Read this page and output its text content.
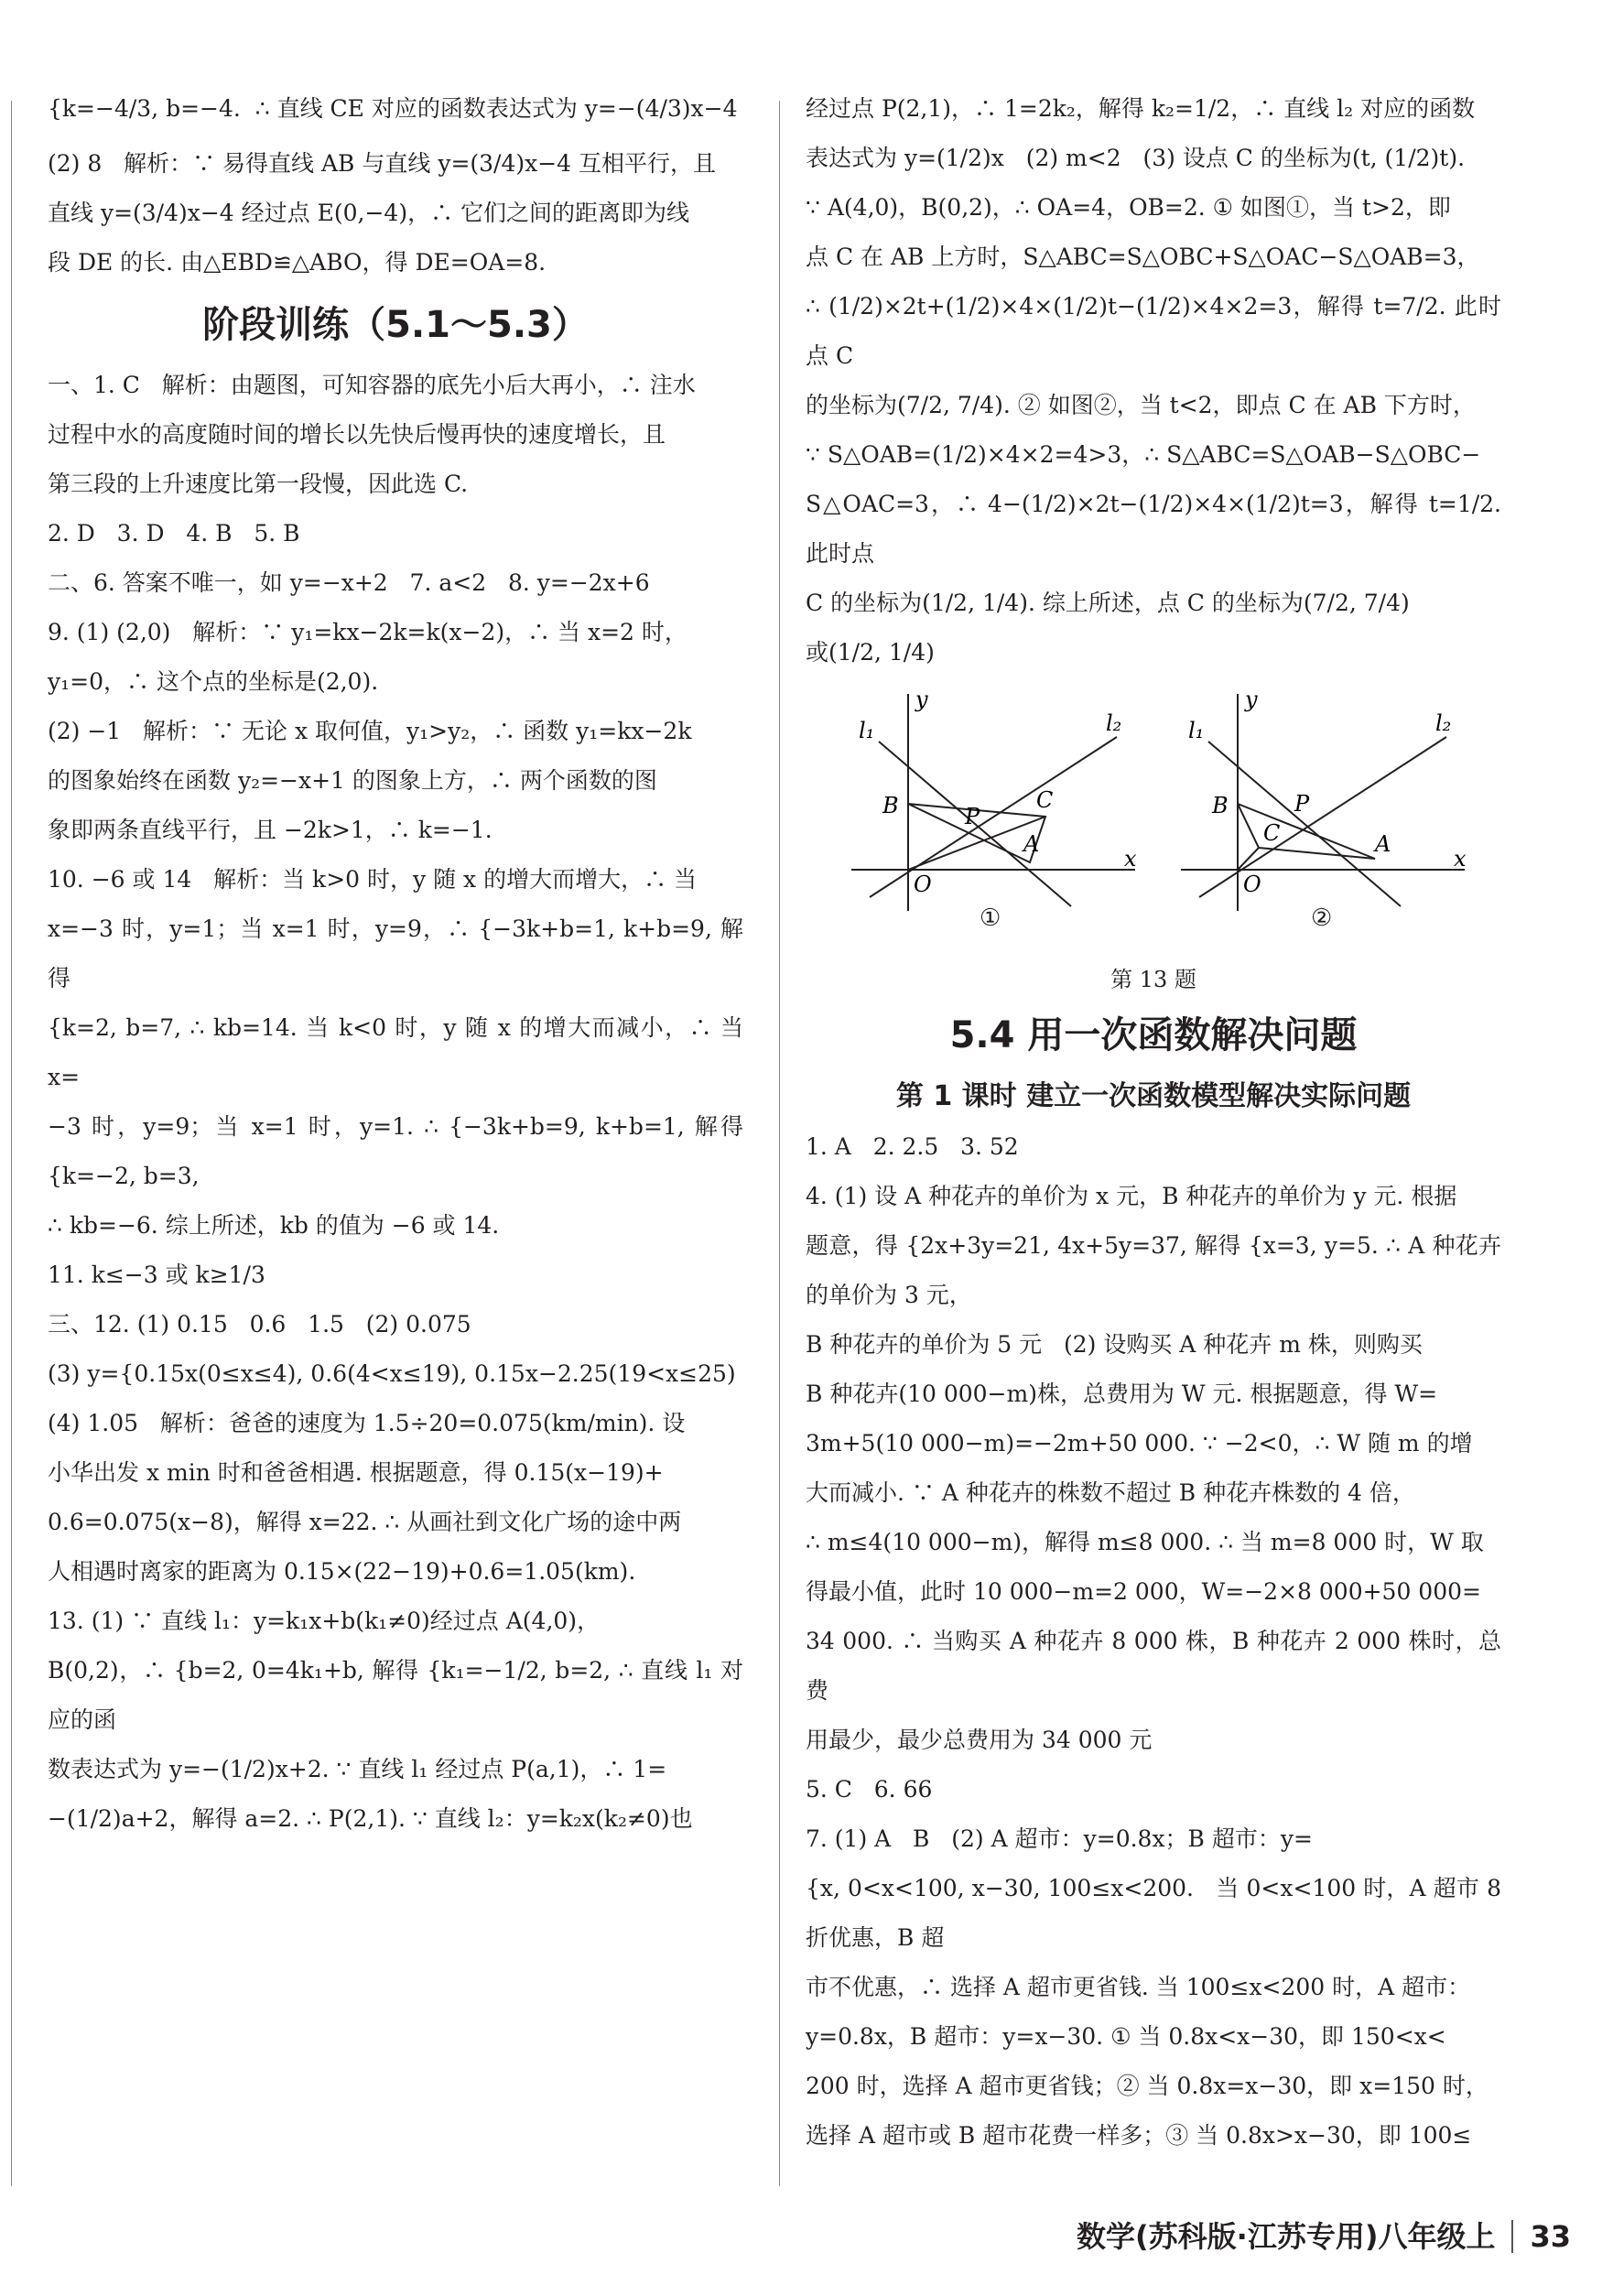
{k=−4/3, b=−4.  ∴ 直线 CE 对应的函数表达式为 y=−(4/3)x−4

(2) 8   解析：∵ 易得直线 AB 与直线 y=(3/4)x−4 互相平行，且

直线 y=(3/4)x−4 经过点 E(0,−4)，∴ 它们之间的距离即为线

段 DE 的长. 由△EBD≌△ABO，得 DE=OA=8.

阶段训练（5.1～5.3）

一、1. C   解析：由题图，可知容器的底先小后大再小，∴ 注水

过程中水的高度随时间的增长以先快后慢再快的速度增长，且

第三段的上升速度比第一段慢，因此选 C.

2. D   3. D   4. B   5. B

二、6. 答案不唯一，如 y=−x+2   7. a<2   8. y=−2x+6

9. (1) (2,0)   解析：∵ y₁=kx−2k=k(x−2)，∴ 当 x=2 时，

y₁=0，∴ 这个点的坐标是(2,0).

(2) −1   解析：∵ 无论 x 取何值，y₁>y₂，∴ 函数 y₁=kx−2k

的图象始终在函数 y₂=−x+1 的图象上方，∴ 两个函数的图

象即两条直线平行，且 −2k>1，∴ k=−1.

10. −6 或 14   解析：当 k>0 时，y 随 x 的增大而增大，∴ 当

x=−3 时，y=1；当 x=1 时，y=9，∴ {−3k+b=1, k+b=9, 解得

{k=2, b=7, ∴ kb=14. 当 k<0 时，y 随 x 的增大而减小，∴ 当 x=

−3 时，y=9；当 x=1 时，y=1. ∴ {−3k+b=9, k+b=1, 解得 {k=−2, b=3,

∴ kb=−6. 综上所述，kb 的值为 −6 或 14.

11. k≤−3 或 k≥1/3

三、12. (1) 0.15   0.6   1.5   (2) 0.075

(3) y={0.15x(0≤x≤4), 0.6(4<x≤19), 0.15x−2.25(19<x≤25)

(4) 1.05   解析：爸爸的速度为 1.5÷20=0.075(km/min). 设

小华出发 x min 时和爸爸相遇. 根据题意，得 0.15(x−19)+

0.6=0.075(x−8)，解得 x=22. ∴ 从画社到文化广场的途中两

人相遇时离家的距离为 0.15×(22−19)+0.6=1.05(km).

13. (1) ∵ 直线 l₁：y=k₁x+b(k₁≠0)经过点 A(4,0)，

B(0,2)，∴ {b=2, 0=4k₁+b, 解得 {k₁=−1/2, b=2, ∴ 直线 l₁ 对应的函

数表达式为 y=−(1/2)x+2. ∵ 直线 l₁ 经过点 P(a,1)，∴ 1=

−(1/2)a+2，解得 a=2. ∴ P(2,1). ∵ 直线 l₂：y=k₂x(k₂≠0)也

经过点 P(2,1)，∴ 1=2k₂，解得 k₂=1/2，∴ 直线 l₂ 对应的函数

表达式为 y=(1/2)x   (2) m<2   (3) 设点 C 的坐标为(t, (1/2)t).

∵ A(4,0)，B(0,2)，∴ OA=4，OB=2. ① 如图①，当 t>2，即

点 C 在 AB 上方时，S△ABC=S△OBC+S△OAC−S△OAB=3，

∴ (1/2)×2t+(1/2)×4×(1/2)t−(1/2)×4×2=3，解得 t=7/2. 此时点 C

的坐标为(7/2, 7/4). ② 如图②，当 t<2，即点 C 在 AB 下方时，

∵ S△OAB=(1/2)×4×2=4>3，∴ S△ABC=S△OAB−S△OBC−

S△OAC=3，∴ 4−(1/2)×2t−(1/2)×4×(1/2)t=3，解得 t=1/2. 此时点

C 的坐标为(1/2, 1/4). 综上所述，点 C 的坐标为(7/2, 7/4)

或(1/2, 1/4)

y
x
O
A
B	C
P
l₁	l₂
①
y
x
O
A
B
C
P
l₁	l₂
②
第 13 题
5.4 用一次函数解决问题
第 1 课时 建立一次函数模型解决实际问题

1. A   2. 2.5   3. 52

4. (1) 设 A 种花卉的单价为 x 元，B 种花卉的单价为 y 元. 根据

题意，得 {2x+3y=21, 4x+5y=37, 解得 {x=3, y=5. ∴ A 种花卉的单价为 3 元，

B 种花卉的单价为 5 元   (2) 设购买 A 种花卉 m 株，则购买

B 种花卉(10 000−m)株，总费用为 W 元. 根据题意，得 W=

3m+5(10 000−m)=−2m+50 000. ∵ −2<0，∴ W 随 m 的增

大而减小. ∵ A 种花卉的株数不超过 B 种花卉株数的 4 倍，

∴ m≤4(10 000−m)，解得 m≤8 000. ∴ 当 m=8 000 时，W 取

得最小值，此时 10 000−m=2 000，W=−2×8 000+50 000=

34 000. ∴ 当购买 A 种花卉 8 000 株，B 种花卉 2 000 株时，总费

用最少，最少总费用为 34 000 元

5. C   6. 66

7. (1) A   B   (2) A 超市：y=0.8x；B 超市：y=

{x, 0<x<100, x−30, 100≤x<200.   当 0<x<100 时，A 超市 8 折优惠，B 超

市不优惠，∴ 选择 A 超市更省钱. 当 100≤x<200 时，A 超市：

y=0.8x，B 超市：y=x−30. ① 当 0.8x<x−30，即 150<x<

200 时，选择 A 超市更省钱；② 当 0.8x=x−30，即 x=150 时，

选择 A 超市或 B 超市花费一样多；③ 当 0.8x>x−30，即 100≤

数学(苏科版·江苏专用)八年级上 33
